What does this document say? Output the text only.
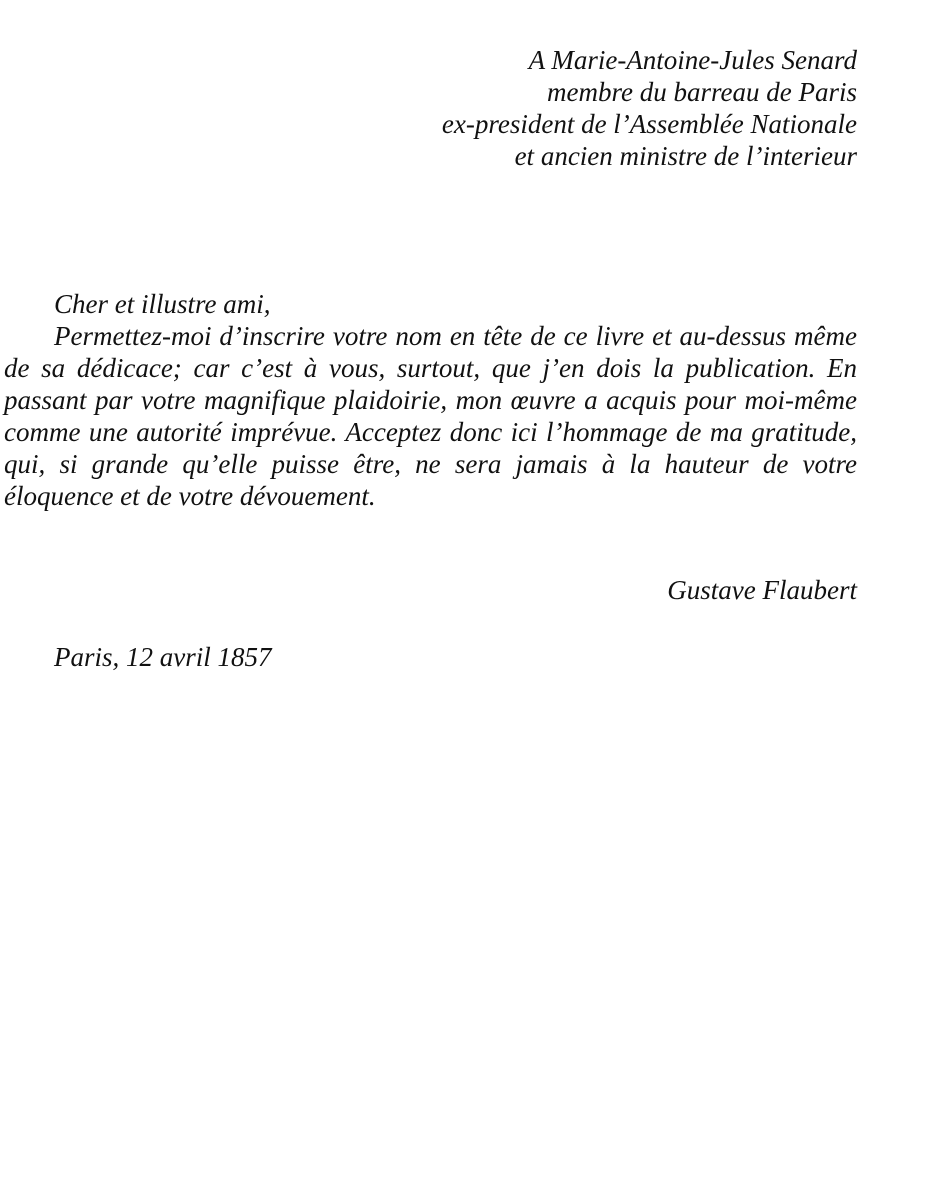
A Marie-Antoine-Jules Senard
membre du barreau de Paris
ex-president de l’Assemblée Nationale
et ancien ministre de l’interieur

Cher et illustre ami,

Permettez-moi d’inscrire votre nom en tête de ce livre et au-dessus même de sa dédicace; car c’est à vous, surtout, que j’en dois la publication. En passant par votre magnifique plaidoirie, mon œuvre a acquis pour moi-même comme une autorité imprévue. Acceptez donc ici l’hommage de ma gratitude, qui, si grande qu’elle puisse être, ne sera jamais à la hauteur de votre éloquence et de votre dévouement.

Gustave Flaubert
Paris, 12 avril 1857
